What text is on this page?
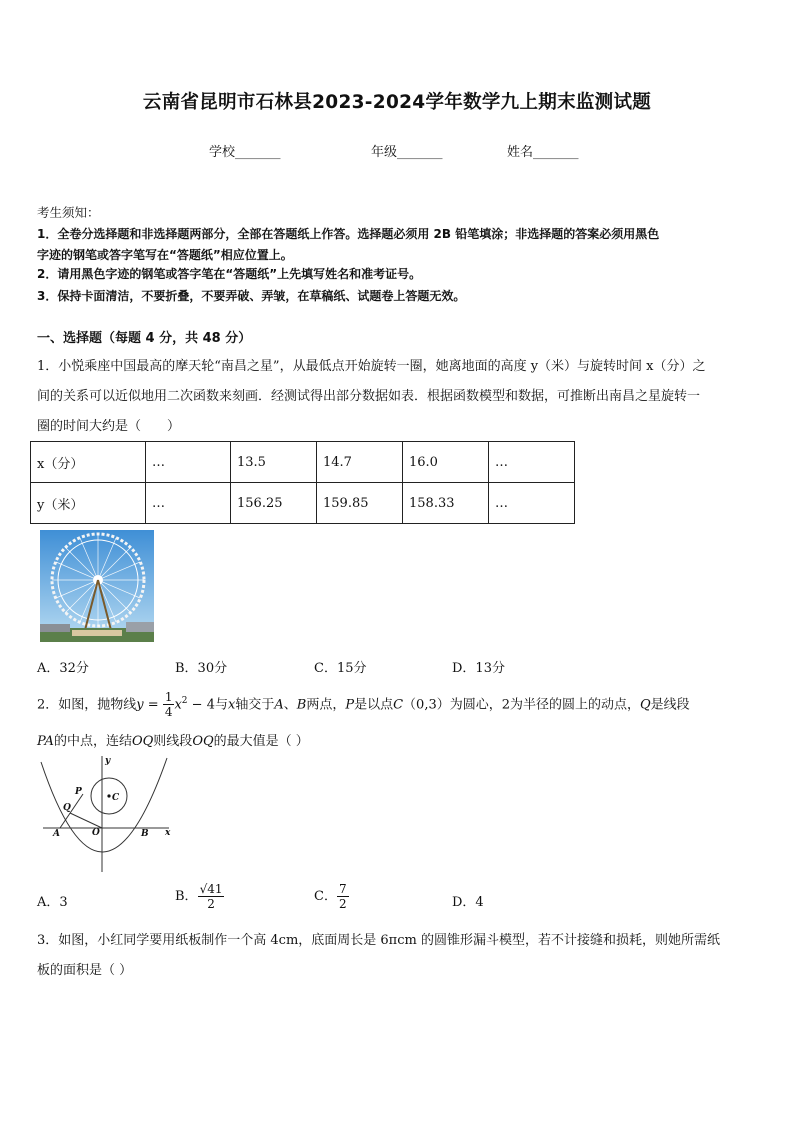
云南省昆明市石林县2023-2024学年数学九上期末监测试题
学校_______	年级_______	姓名_______
考生须知：
1．全卷分选择题和非选择题两部分，全部在答题纸上作答。选择题必须用 2B 铅笔填涂；非选择题的答案必须用黑色
字迹的钢笔或答字笔写在“答题纸”相应位置上。
2．请用黑色字迹的钢笔或答字笔在“答题纸”上先填写姓名和准考证号。
3．保持卡面清洁，不要折叠，不要弄破、弄皱，在草稿纸、试题卷上答题无效。
一、选择题（每题 4 分，共 48 分）
1．小悦乘座中国最高的摩天轮“南昌之星”，从最低点开始旋转一圈，她离地面的高度 y（米）与旋转时间 x（分）之
间的关系可以近似地用二次函数来刻画．经测试得出部分数据如表．根据函数模型和数据，可推断出南昌之星旋转一
圈的时间大约是（　　）
x（分）	…	13.5	14.7	16.0	…
y（米）	…	156.25	159.85	158.33	…
A．32分	B．30分	C．15分	D．13分
2．如图，抛物线$y = \frac{1}{4} x^2 - 4$与x轴交于A、B两点，P是以点C（0,3）为圆心，2为半径的圆上的动点，Q是线段
PA的中点，连结OQ则线段OQ的最大值是（ ）
y
x
O
A	B
C
P
Q
A．3	B． $\frac{√41}{2}$	C． $\frac{7}{2}$	D．4
3．如图，小红同学要用纸板制作一个高 4cm，底面周长是 6πcm 的圆锥形漏斗模型，若不计接缝和损耗，则她所需纸
板的面积是（ ）
